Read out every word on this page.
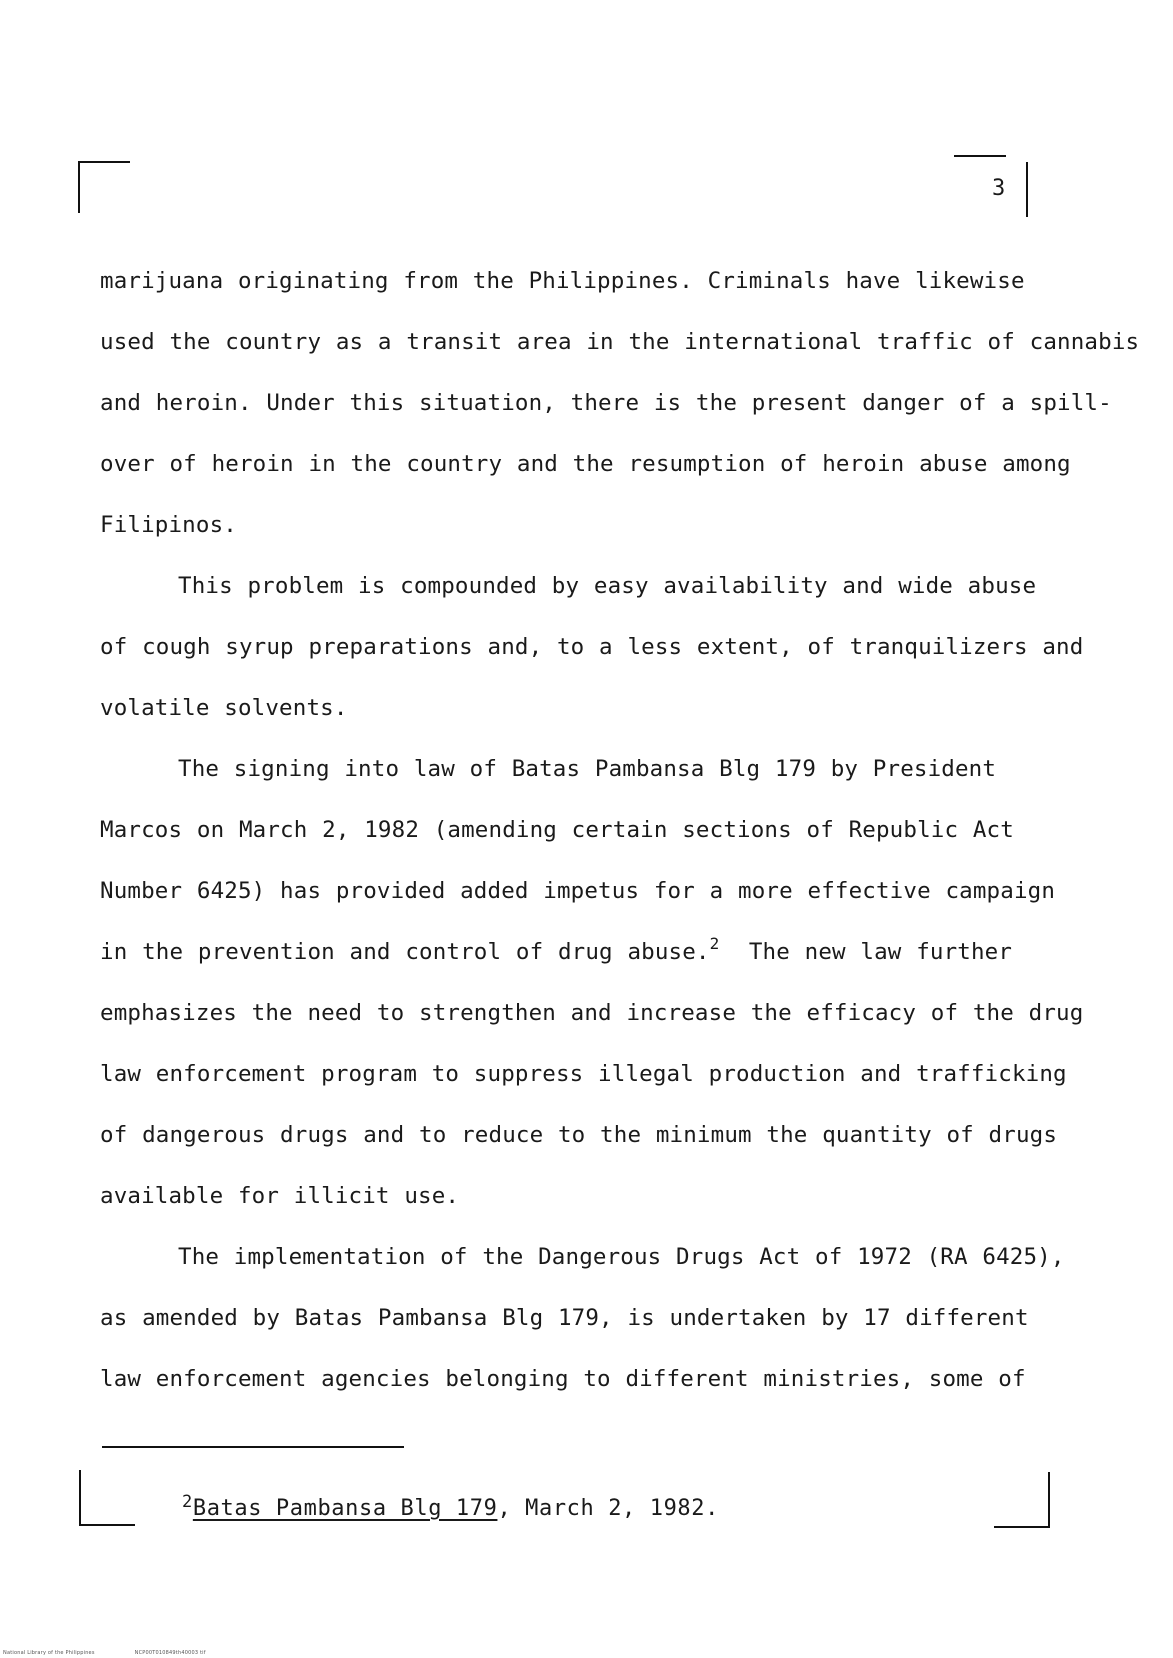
3
marijuana originating from the Philippines. Criminals have likewise
used the country as a transit area in the international traffic of cannabis
and heroin. Under this situation, there is the present danger of a spill-
over of heroin in the country and the resumption of heroin abuse among
Filipinos.
This problem is compounded by easy availability and wide abuse
of cough syrup preparations and, to a less extent, of tranquilizers and
volatile solvents.
The signing into law of Batas Pambansa Blg 179 by President
Marcos on March 2, 1982 (amending certain sections of Republic Act
Number 6425) has provided added impetus for a more effective campaign
in the prevention and control of drug abuse.$^2$ The new law further
emphasizes the need to strengthen and increase the efficacy of the drug
law enforcement program to suppress illegal production and trafficking
of dangerous drugs and to reduce to the minimum the quantity of drugs
available for illicit use.
The implementation of the Dangerous Drugs Act of 1972 (RA 6425),
as amended by Batas Pambansa Blg 179, is undertaken by 17 different
law enforcement agencies belonging to different ministries, some of
$^2$Batas Pambansa Blg 179, March 2, 1982.
National Library of the Philippines	NCP00T010849th40003 tif
